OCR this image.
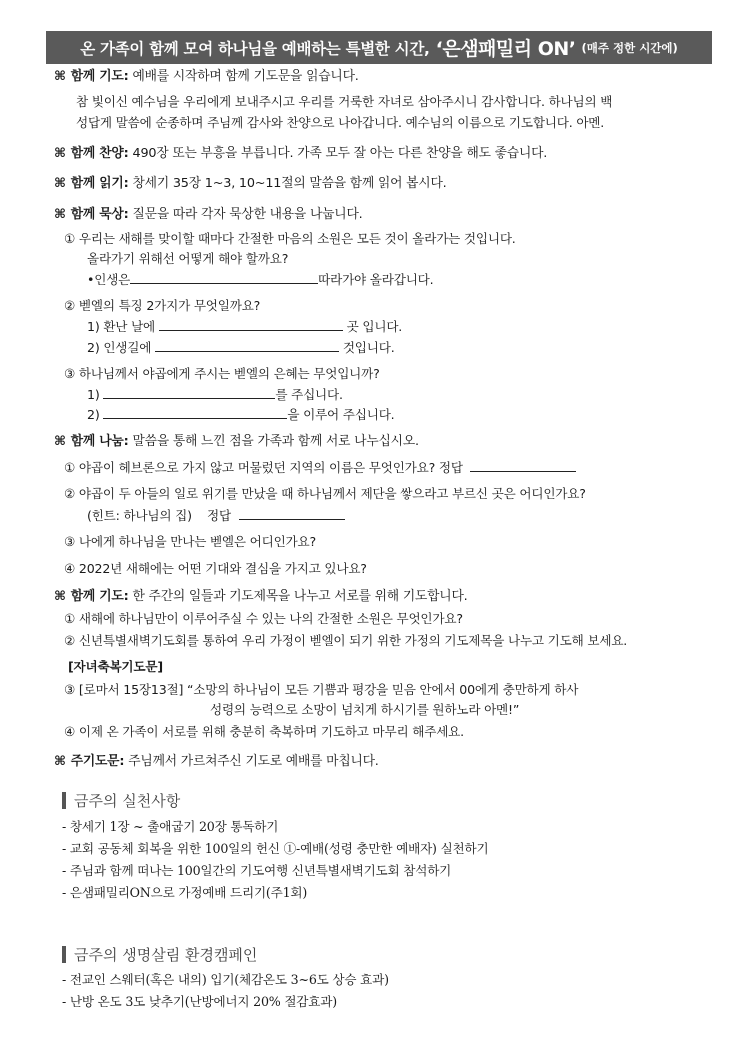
온 가족이 함께 모여 하나님을 예배하는 특별한 시간, ‘은샘패밀리 ON’ (매주 정한 시간에)
⌘ 함께 기도: 예배를 시작하며 함께 기도문을 읽습니다.
참 빛이신 예수님을 우리에게 보내주시고 우리를 거룩한 자녀로 삼아주시니 감사합니다. 하나님의 백
성답게 말씀에 순종하며 주님께 감사와 찬양으로 나아갑니다. 예수님의 이름으로 기도합니다. 아멘.
⌘ 함께 찬양: 490장 또는 부흥을 부릅니다. 가족 모두 잘 아는 다른 찬양을 해도 좋습니다.
⌘ 함께 읽기: 창세기 35장 1~3, 10~11절의 말씀을 함께 읽어 봅시다.
⌘ 함께 묵상: 질문을 따라 각자 묵상한 내용을 나눕니다.
① 우리는 새해를 맞이할 때마다 간절한 마음의 소원은 모든 것이 올라가는 것입니다.
올라가기 위해선 어떻게 해야 할까요?
•인생은	따라가야 올라갑니다.
② 벧엘의 특징 2가지가 무엇일까요?
1) 환난 날에	곳 입니다.
2) 인생길에	것입니다.
③ 하나님께서 야곱에게 주시는 벧엘의 은혜는 무엇입니까?
1)	를 주십니다.
2)	을 이루어 주십니다.
⌘ 함께 나눔: 말씀을 통해 느낀 점을 가족과 함께 서로 나누십시오.
① 야곱이 헤브론으로 가지 않고 머물렀던 지역의 이름은 무엇인가요? 정답
② 야곱이 두 아들의 일로 위기를 만났을 때 하나님께서 제단을 쌓으라고 부르신 곳은 어디인가요?
(힌트: 하나님의 집)    정답
③ 나에게 하나님을 만나는 벧엘은 어디인가요?
④ 2022년 새해에는 어떤 기대와 결심을 가지고 있나요?
⌘ 함께 기도: 한 주간의 일들과 기도제목을 나누고 서로를 위해 기도합니다.
① 새해에 하나님만이 이루어주실 수 있는 나의 간절한 소원은 무엇인가요?
② 신년특별새벽기도회를 통하여 우리 가정이 벧엘이 되기 위한 가정의 기도제목을 나누고 기도해 보세요.
[자녀축복기도문]
③ [로마서 15장13절] “소망의 하나님이 모든 기쁨과 평강을 믿음 안에서 00에게 충만하게 하사
성령의 능력으로 소망이 넘치게 하시기를 원하노라 아멘!”
④ 이제 온 가족이 서로를 위해 충분히 축복하며 기도하고 마무리 해주세요.
⌘ 주기도문: 주님께서 가르쳐주신 기도로 예배를 마칩니다.
금주의 실천사항
- 창세기 1장 ~ 출애굽기 20장 통독하기
- 교회 공동체 회복을 위한 100일의 헌신 ①-예배(성령 충만한 예배자) 실천하기
- 주님과 함께 떠나는 100일간의 기도여행 신년특별새벽기도회 참석하기
- 은샘패밀리ON으로 가정예배 드리기(주1회)
금주의 생명살림 환경캠페인
- 전교인 스웨터(혹은 내의) 입기(체감온도 3~6도 상승 효과)
- 난방 온도 3도 낮추기(난방에너지 20% 절감효과)
